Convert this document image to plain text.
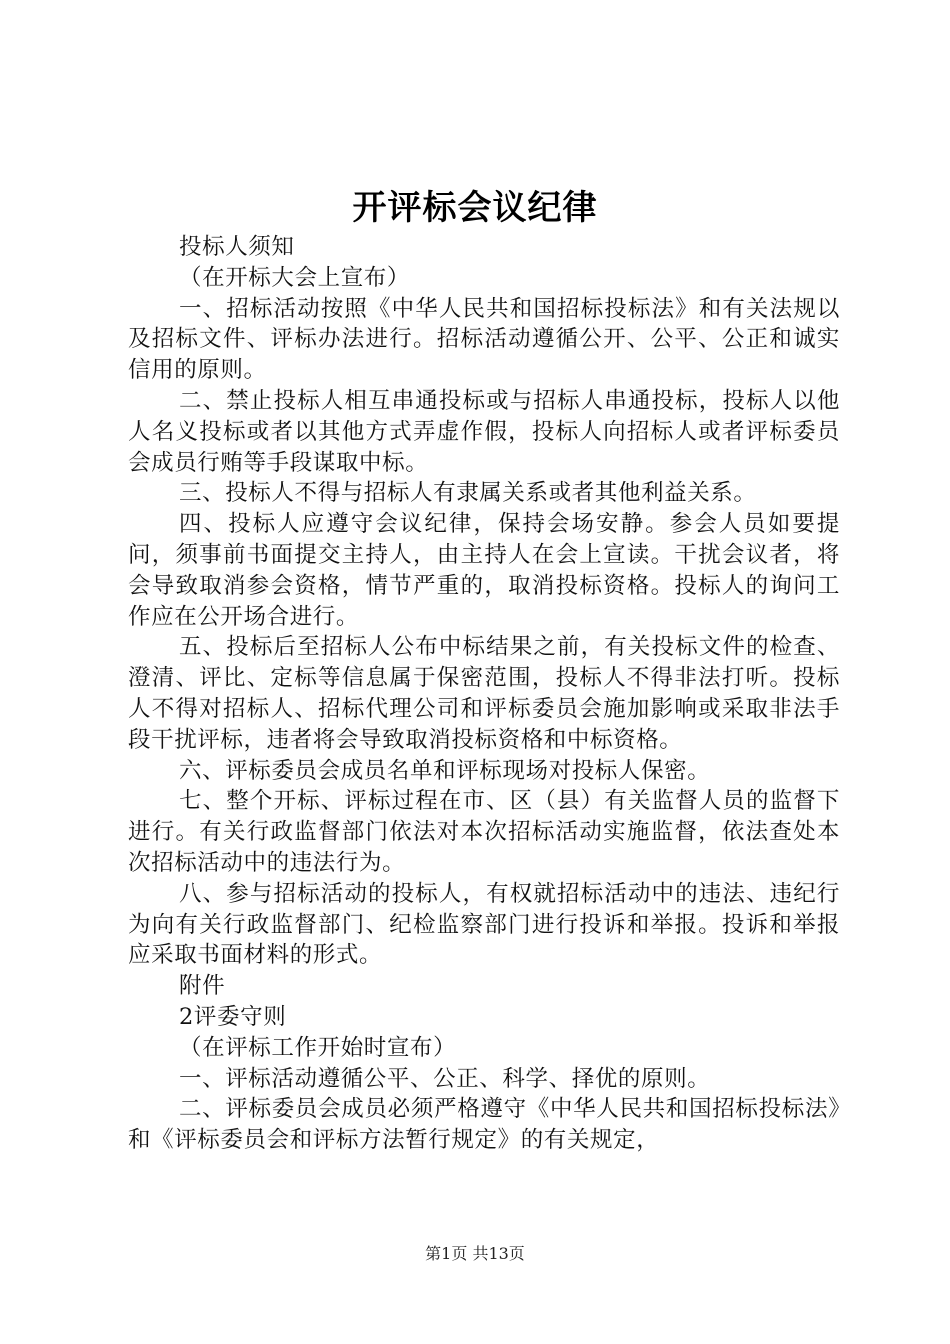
开评标会议纪律

投标人须知

（在开标大会上宣布）

一、招标活动按照《中华人民共和国招标投标法》和有关法规以及招标文件、评标办法进行。招标活动遵循公开、公平、公正和诚实信用的原则。

二、禁止投标人相互串通投标或与招标人串通投标，投标人以他人名义投标或者以其他方式弄虚作假，投标人向招标人或者评标委员会成员行贿等手段谋取中标。

三、投标人不得与招标人有隶属关系或者其他利益关系。

四、投标人应遵守会议纪律，保持会场安静。参会人员如要提问，须事前书面提交主持人，由主持人在会上宣读。干扰会议者，将会导致取消参会资格，情节严重的，取消投标资格。投标人的询问工作应在公开场合进行。

五、投标后至招标人公布中标结果之前，有关投标文件的检查、澄清、评比、定标等信息属于保密范围，投标人不得非法打听。投标人不得对招标人、招标代理公司和评标委员会施加影响或采取非法手段干扰评标，违者将会导致取消投标资格和中标资格。

六、评标委员会成员名单和评标现场对投标人保密。

七、整个开标、评标过程在市、区（县）有关监督人员的监督下进行。有关行政监督部门依法对本次招标活动实施监督，依法查处本次招标活动中的违法行为。

八、参与招标活动的投标人，有权就招标活动中的违法、违纪行为向有关行政监督部门、纪检监察部门进行投诉和举报。投诉和举报应采取书面材料的形式。

附件

2评委守则

（在评标工作开始时宣布）

一、评标活动遵循公平、公正、科学、择优的原则。

二、评标委员会成员必须严格遵守《中华人民共和国招标投标法》和《评标委员会和评标方法暂行规定》的有关规定，

第1页 共13页
